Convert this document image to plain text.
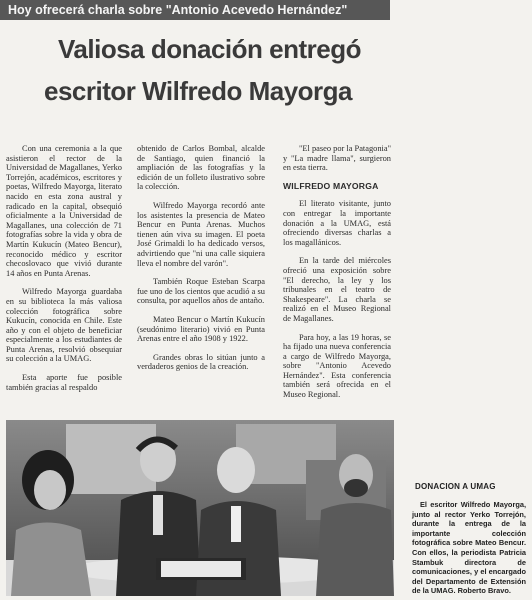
Hoy ofrecerá charla sobre "Antonio Acevedo Hernández"
Valiosa donación entregó
escritor Wilfredo Mayorga

Con una ceremonia a la que asistieron el rector de la Universidad de Magallanes, Yerko Torrejón, académicos, escritores y poetas, Wilfredo Mayorga, literato nacido en esta zona austral y radicado en la capital, obsequió oficialmente a la Universidad de Magallanes, una colección de 71 fotografías sobre la vida y obra de Martín Kukucín (Mateo Bencur), reconocido médico y escritor checoslovaco que vivió durante 14 años en Punta Arenas.

Wilfredo Mayorga guardaba en su biblioteca la más valiosa colección fotográfica sobre Kukucín, conocida en Chile. Este año y con el objeto de beneficiar especialmente a los estudiantes de Punta Arenas, resolvió obsequiar su colección a la UMAG.

Esta aporte fue posible también gracias al respaldo

obtenido de Carlos Bombal, alcalde de Santiago, quien financió la ampliación de las fotografías y la edición de un folleto ilustrativo sobre la colección.

Wilfredo Mayorga recordó ante los asistentes la presencia de Mateo Bencur en Punta Arenas. Muchos tienen aún viva su imagen. El poeta José Grimaldi lo ha dedicado versos, advirtiendo que "ni una calle siquiera lleva el nombre del varón".

También Roque Esteban Scarpa fue uno de los cientos que acudió a su consulta, por aquellos años de antaño.

Mateo Bencur o Martín Kukucín (seudónimo literario) vivió en Punta Arenas entre el año 1908 y 1922.

Grandes obras lo sitúan junto a verdaderos genios de la creación.

"El paseo por la Patagonia" y "La madre llama", surgieron en esta tierra.

WILFREDO MAYORGA

El literato visitante, junto con entregar la importante donación a la UMAG, está ofreciendo diversas charlas a los magallánicos.

En la tarde del miércoles ofreció una exposición sobre "El derecho, la ley y los tribunales en el teatro de Shakespeare". La charla se realizó en el Museo Regional de Magallanes.

Para hoy, a las 19 horas, se ha fijado una nueva conferencia a cargo de Wilfredo Mayorga, sobre "Antonio Acevedo Hernández". Esta conferencia también será ofrecida en el Museo Regional.

DONACION A UMAG
El escritor Wilfredo Mayorga, junto al rector Yerko Torrejón, durante la entrega de la importante colección fotográfica sobre Mateo Bencur. Con ellos, la periodista Patricia Stambuk directora de comunicaciones, y el encargado del Departamento de Extensión de la UMAG. Roberto Bravo.
